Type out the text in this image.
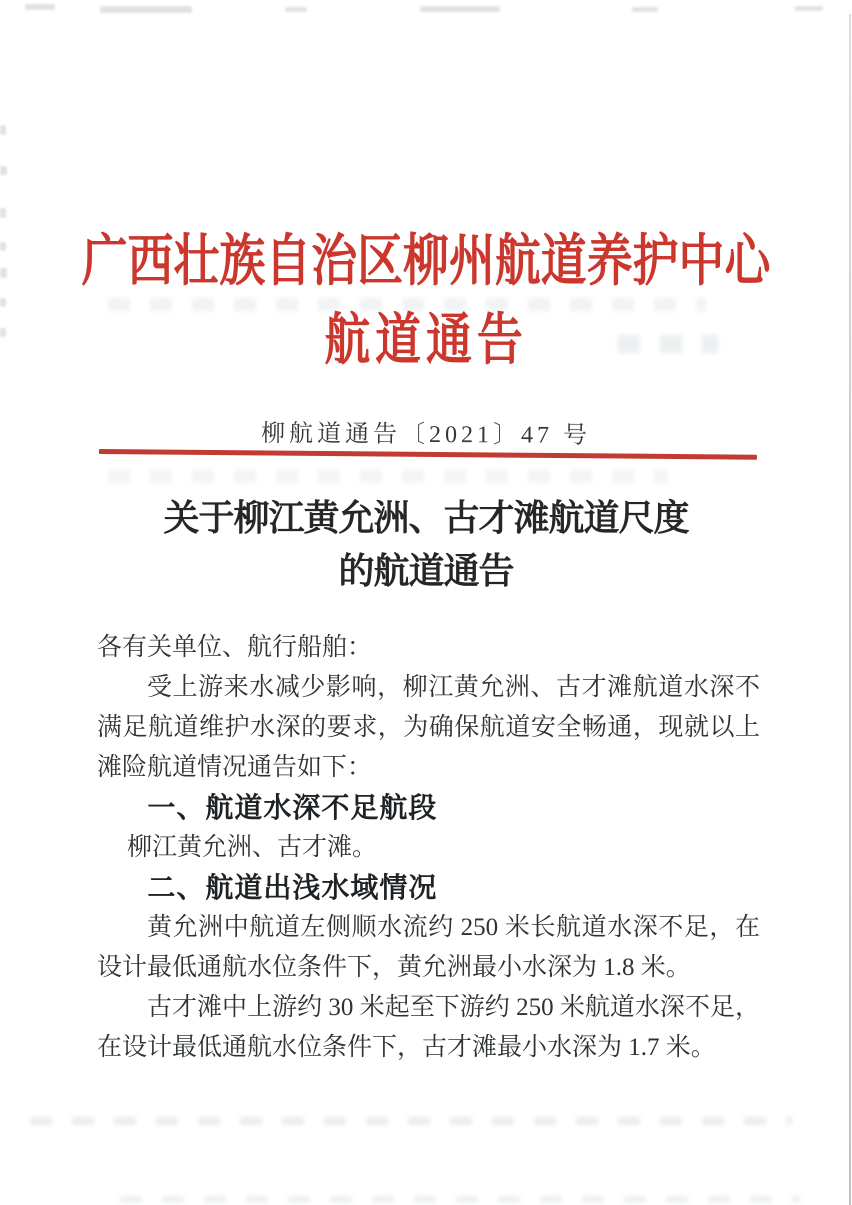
广西壮族自治区柳州航道养护中心
航道通告
柳航道通告〔2021〕47 号
关于柳江黄允洲、古才滩航道尺度
的航道通告

各有关单位、航行船舶：

受上游来水减少影响，柳江黄允洲、古才滩航道水深不满足航道维护水深的要求，为确保航道安全畅通，现就以上滩险航道情况通告如下：

一、航道水深不足航段

柳江黄允洲、古才滩。

二、航道出浅水域情况

黄允洲中航道左侧顺水流约 250 米长航道水深不足，在设计最低通航水位条件下，黄允洲最小水深为 1.8 米。

古才滩中上游约 30 米起至下游约 250 米航道水深不足，在设计最低通航水位条件下，古才滩最小水深为 1.7 米。
